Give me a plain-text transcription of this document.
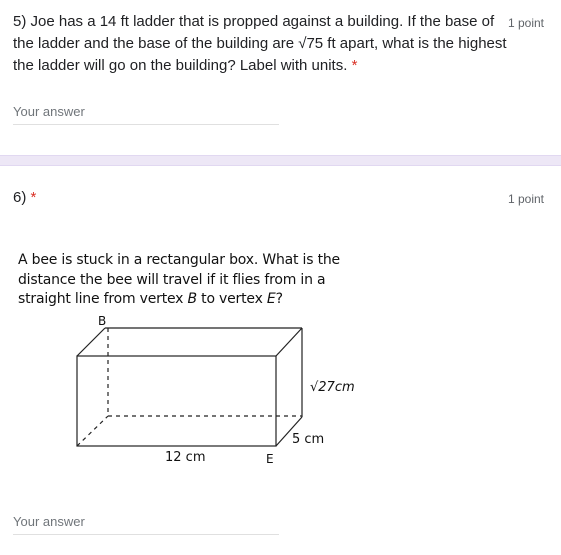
5) Joe has a 14 ft ladder that is propped against a building. If the base of the ladder and the base of the building are √75 ft apart, what is the highest the ladder will go on the building? Label with units. *
1 point
Your answer
6) *	1 point
A bee is stuck in a rectangular box. What is the distance the bee will travel if it flies from in a straight line from vertex B to vertex E?
B
E
12 cm
5 cm
√27cm
Your answer
